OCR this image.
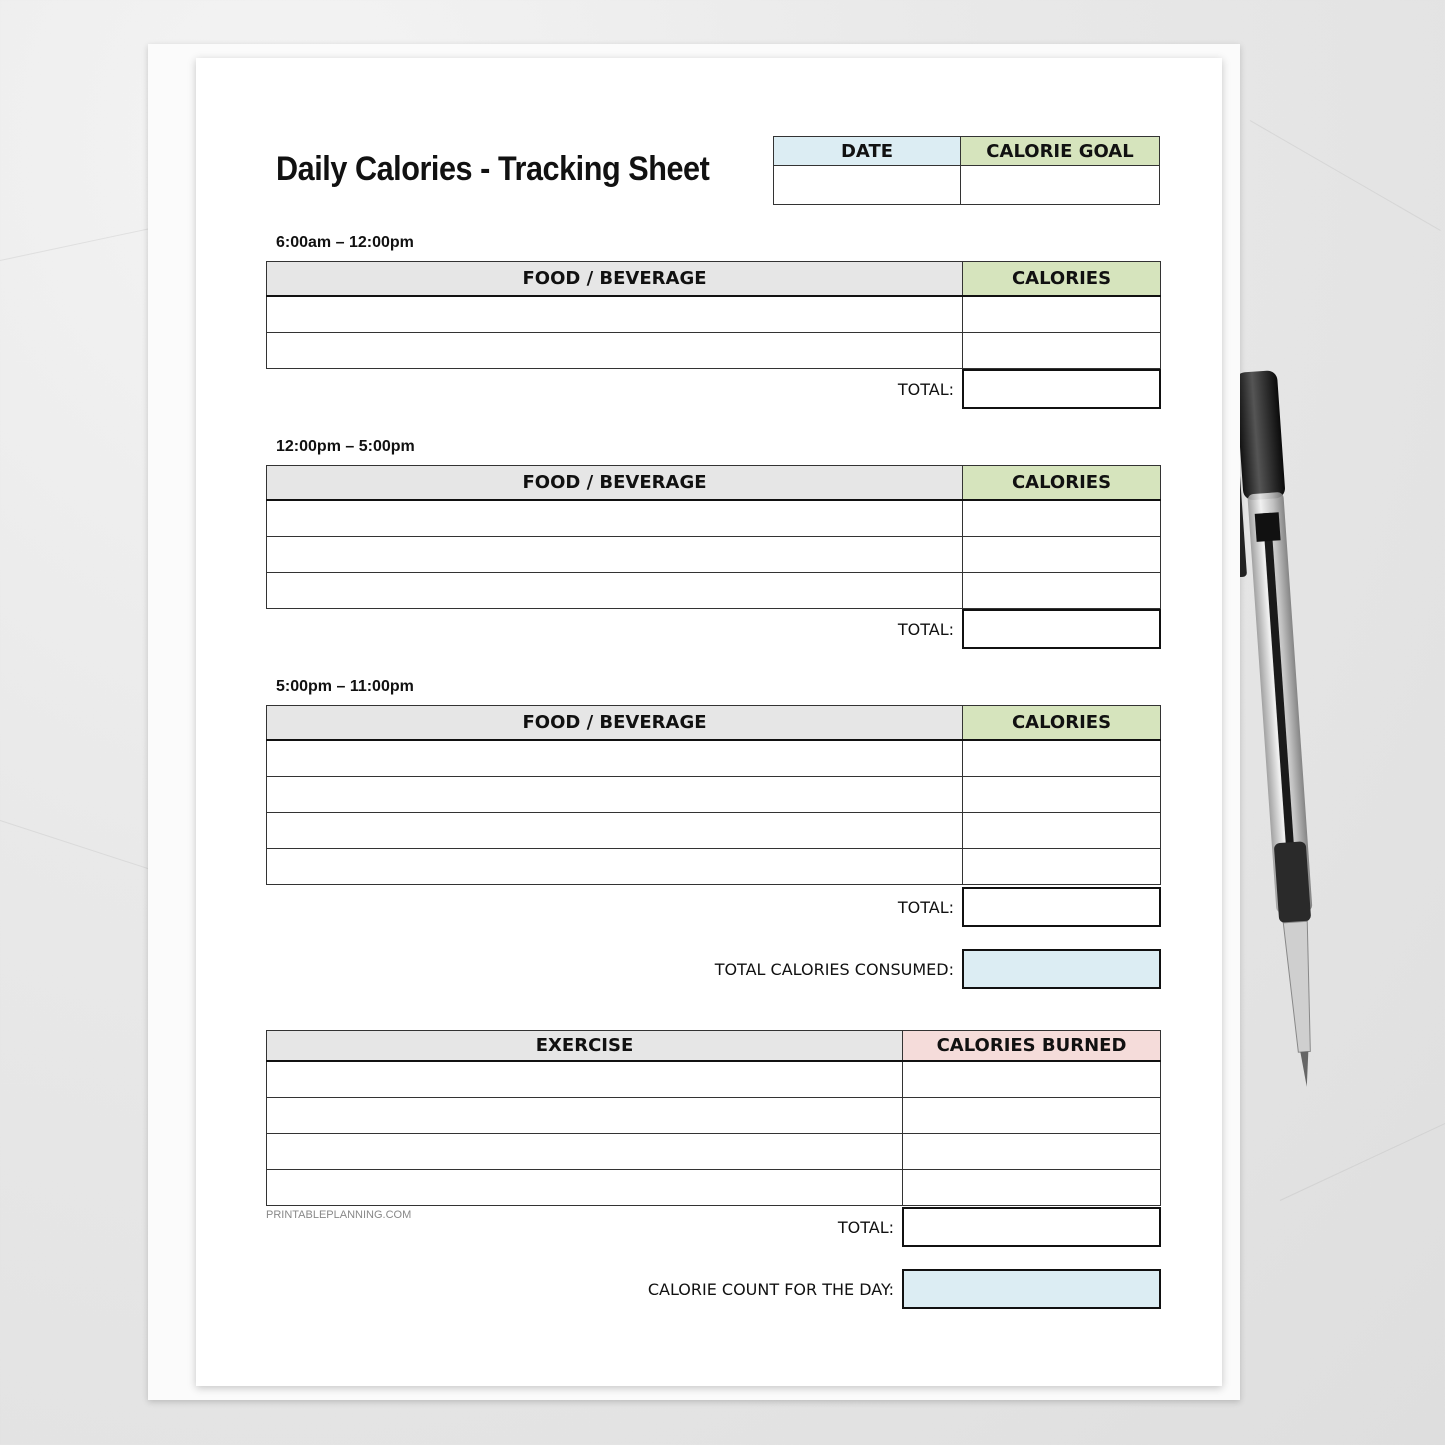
Daily Calories - Tracking Sheet	DATE	CALORIE GOAL

6:00am – 12:00pm
FOOD / BEVERAGE	CALORIES

TOTAL:
12:00pm – 5:00pm
FOOD / BEVERAGE	CALORIES

TOTAL:
5:00pm – 11:00pm
FOOD / BEVERAGE	CALORIES

TOTAL:
TOTAL CALORIES CONSUMED:
EXERCISE	CALORIES BURNED

PRINTABLEPLANNING.COM
TOTAL:
CALORIE COUNT FOR THE DAY:
